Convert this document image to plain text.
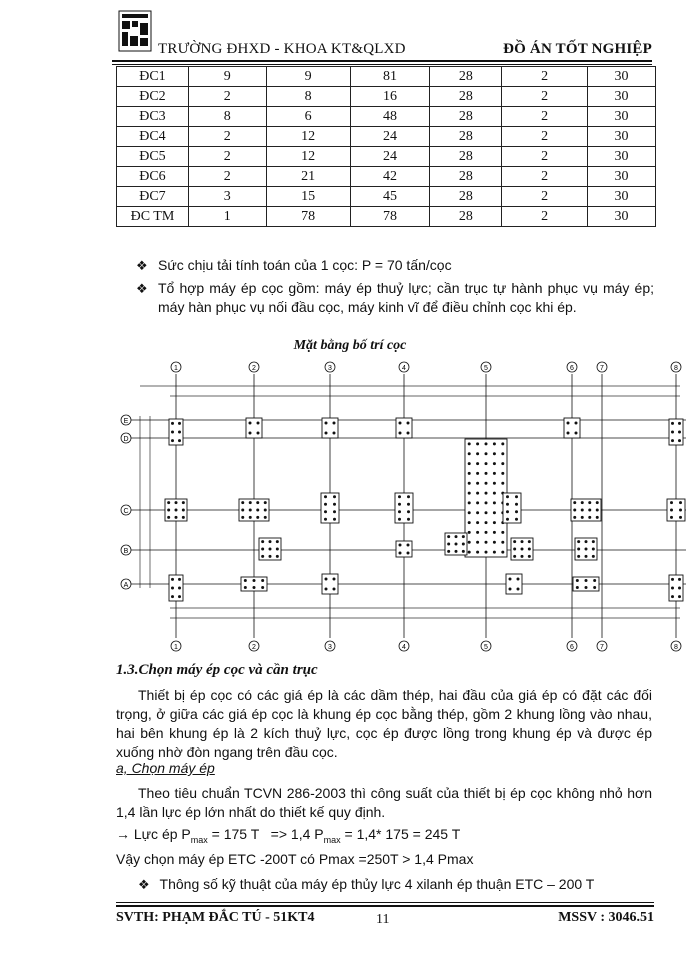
TRƯỜNG ĐHXD - KHOA KT&QLXD	ĐỒ ÁN TỐT NGHIỆP
ĐC1	9	9	81	28	2	30
ĐC2	2	8	16	28	2	30
ĐC3	8	6	48	28	2	30
ĐC4	2	12	24	28	2	30
ĐC5	2	12	24	28	2	30
ĐC6	2	21	42	28	2	30
ĐC7	3	15	45	28	2	30
ĐC TM	1	78	78	28	2	30
❖ Sức chịu tải tính toán của 1 cọc: P = 70 tấn/cọc
❖ Tổ hợp máy ép cọc gồm: máy ép thuỷ lực; cần trục tự hành phục vụ máy ép; máy hàn phục vụ nối đầu cọc, máy kinh vĩ để điều chỉnh cọc khi ép.
Mặt bằng bố trí cọc
1
1
2
2
3
3
4
4
5
5
6
6
7
7
8
8
E
D
C
B
A
1.3.Chọn máy ép cọc và cần trục
Thiết bị ép cọc có các giá ép là các dầm thép, hai đầu của giá ép có đặt các đối trọng, ở giữa các giá ép cọc là khung ép cọc bằng thép, gồm 2 khung lồng vào nhau, hai bên khung ép là 2 kích thuỷ lực, cọc ép được lồng trong khung ép và được ép xuống nhờ đòn ngang trên đầu cọc.
a, Chọn máy ép
Theo tiêu chuẩn TCVN 286-2003 thì công suất của thiết bị ép cọc không nhỏ hơn 1,4 lần lực ép lớn nhất do thiết kế quy định.
→ Lực ép $P_{max} = 175$ T   => 1,4 $P_{max} = 1,4*$ 175 = 245 T
Vậy chọn máy ép ETC -200T có Pmax =250T > 1,4 Pmax
❖ Thông số kỹ thuật của máy ép thủy lực 4 xilanh ép thuận ETC – 200 T
SVTH: PHẠM ĐẮC TÚ - 51KT4	11	MSSV : 3046.51
